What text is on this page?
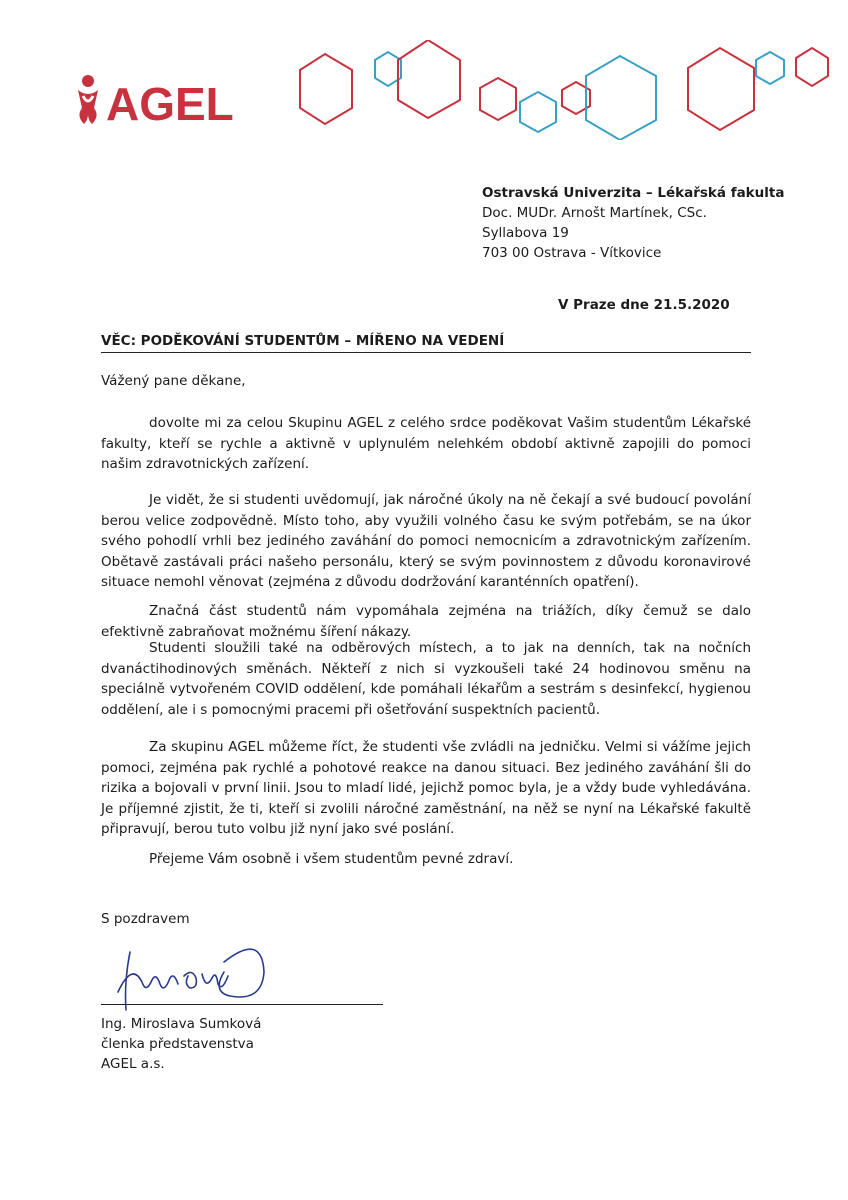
AGEL
Ostravská Univerzita – Lékařská fakulta
Doc. MUDr. Arnošt Martínek, CSc.
Syllabova 19
703 00 Ostrava - Vítkovice
V Praze dne 21.5.2020
VĚC: PODĚKOVÁNÍ STUDENTŮM – MÍŘENO NA VEDENÍ
Vážený pane děkane,

dovolte mi za celou Skupinu AGEL z celého srdce poděkovat Vašim studentům Lékařské fakulty, kteří se rychle a aktivně v uplynulém nelehkém období aktivně zapojili do pomoci našim zdravotnických zařízení.

Je vidět, že si studenti uvědomují, jak náročné úkoly na ně čekají a své budoucí povolání berou velice zodpovědně. Místo toho, aby využili volného času ke svým potřebám, se na úkor svého pohodlí vrhli bez jediného zaváhání do pomoci nemocnicím a zdravotnickým zařízením. Obětavě zastávali práci našeho personálu, který se svým povinnostem z důvodu koronavirové situace nemohl věnovat (zejména z důvodu dodržování karanténních opatření).

Značná část studentů nám vypomáhala zejména na triážích, díky čemuž se dalo efektivně zabraňovat možnému šíření nákazy.

Studenti sloužili také na odběrových místech, a to jak na denních, tak na nočních dvanáctihodinových směnách. Někteří z nich si vyzkoušeli také 24 hodinovou směnu na speciálně vytvořeném COVID oddělení, kde pomáhali lékařům a sestrám s desinfekcí, hygienou oddělení, ale i s pomocnými pracemi při ošetřování suspektních pacientů.

Za skupinu AGEL můžeme říct, že studenti vše zvládli na jedničku. Velmi si vážíme jejich pomoci, zejména pak rychlé a pohotové reakce na danou situaci. Bez jediného zaváhání šli do rizika a bojovali v první linii. Jsou to mladí lidé, jejichž pomoc byla, je a vždy bude vyhledávána. Je příjemné zjistit, že ti, kteří si zvolili náročné zaměstnání, na něž se nyní na Lékařské fakultě připravují, berou tuto volbu již nyní jako své poslání.

Přejeme Vám osobně i všem studentům pevné zdraví.

S pozdravem
Ing. Miroslava Sumková
členka představenstva
AGEL a.s.
